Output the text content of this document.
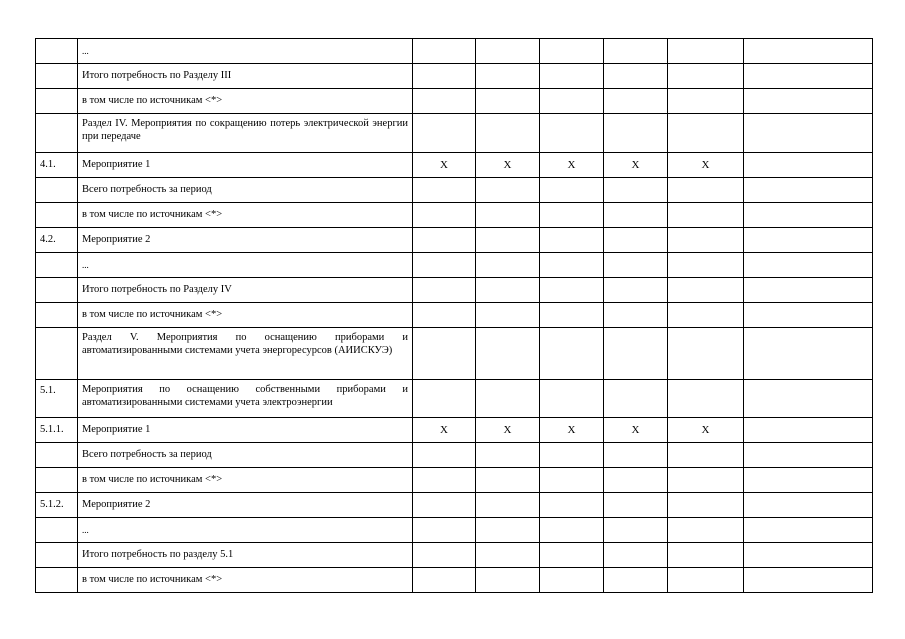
	...						
	Итого потребность по Разделу III						
	в том числе по источникам <*>						
	Раздел IV. Мероприятия по сокращению потерь электрической энергии при передаче						
4.1.	Мероприятие 1	X	X	X	X	X	
	Всего потребность за период						
	в том числе по источникам <*>						
4.2.	Мероприятие 2						
	...						
	Итого потребность по Разделу IV						
	в том числе по источникам <*>						
	Раздел V. Мероприятия по оснащению приборами и автоматизированными системами учета энергоресурсов (АИИСКУЭ)						
5.1.	Мероприятия по оснащению собственными приборами и автоматизированными системами учета электроэнергии						
5.1.1.	Мероприятие 1	X	X	X	X	X	
	Всего потребность за период						
	в том числе по источникам <*>						
5.1.2.	Мероприятие 2						
	...						
	Итого потребность по разделу 5.1						
	в том числе по источникам <*>						
